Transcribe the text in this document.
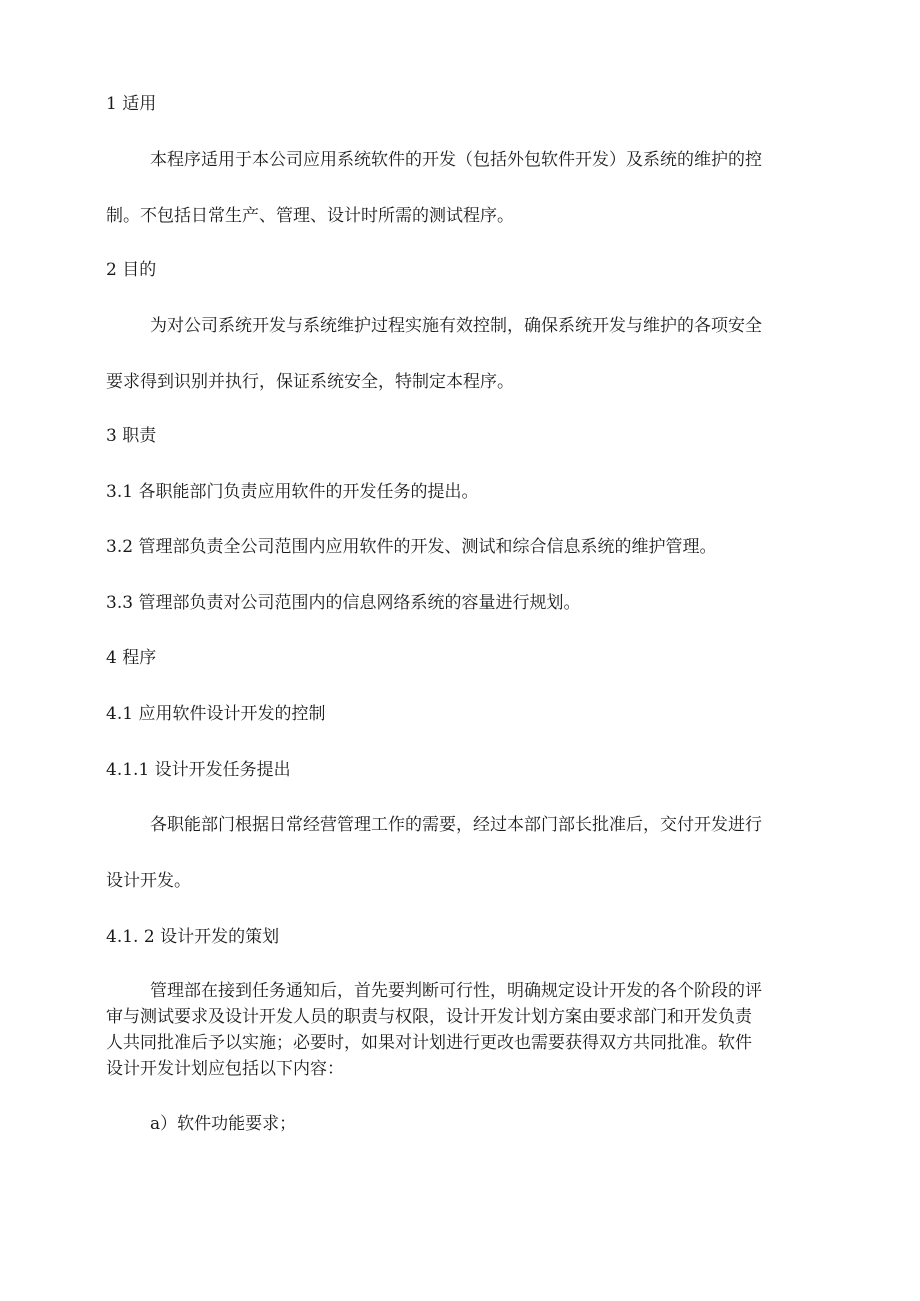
1 适用
本程序适用于本公司应用系统软件的开发（包括外包软件开发）及系统的维护的控
制。不包括日常生产、管理、设计时所需的测试程序。
2 目的
为对公司系统开发与系统维护过程实施有效控制，确保系统开发与维护的各项安全
要求得到识别并执行，保证系统安全，特制定本程序。
3 职责
3.1 各职能部门负责应用软件的开发任务的提出。
3.2 管理部负责全公司范围内应用软件的开发、测试和综合信息系统的维护管理。
3.3 管理部负责对公司范围内的信息网络系统的容量进行规划。
4 程序
4.1 应用软件设计开发的控制
4.1.1 设计开发任务提出
各职能部门根据日常经营管理工作的需要，经过本部门部长批准后，交付开发进行
设计开发。
4.1. 2 设计开发的策划
管理部在接到任务通知后，首先要判断可行性，明确规定设计开发的各个阶段的评
审与测试要求及设计开发人员的职责与权限，设计开发计划方案由要求部门和开发负责
人共同批准后予以实施；必要时，如果对计划进行更改也需要获得双方共同批准。软件
设计开发计划应包括以下内容：
a）软件功能要求；
